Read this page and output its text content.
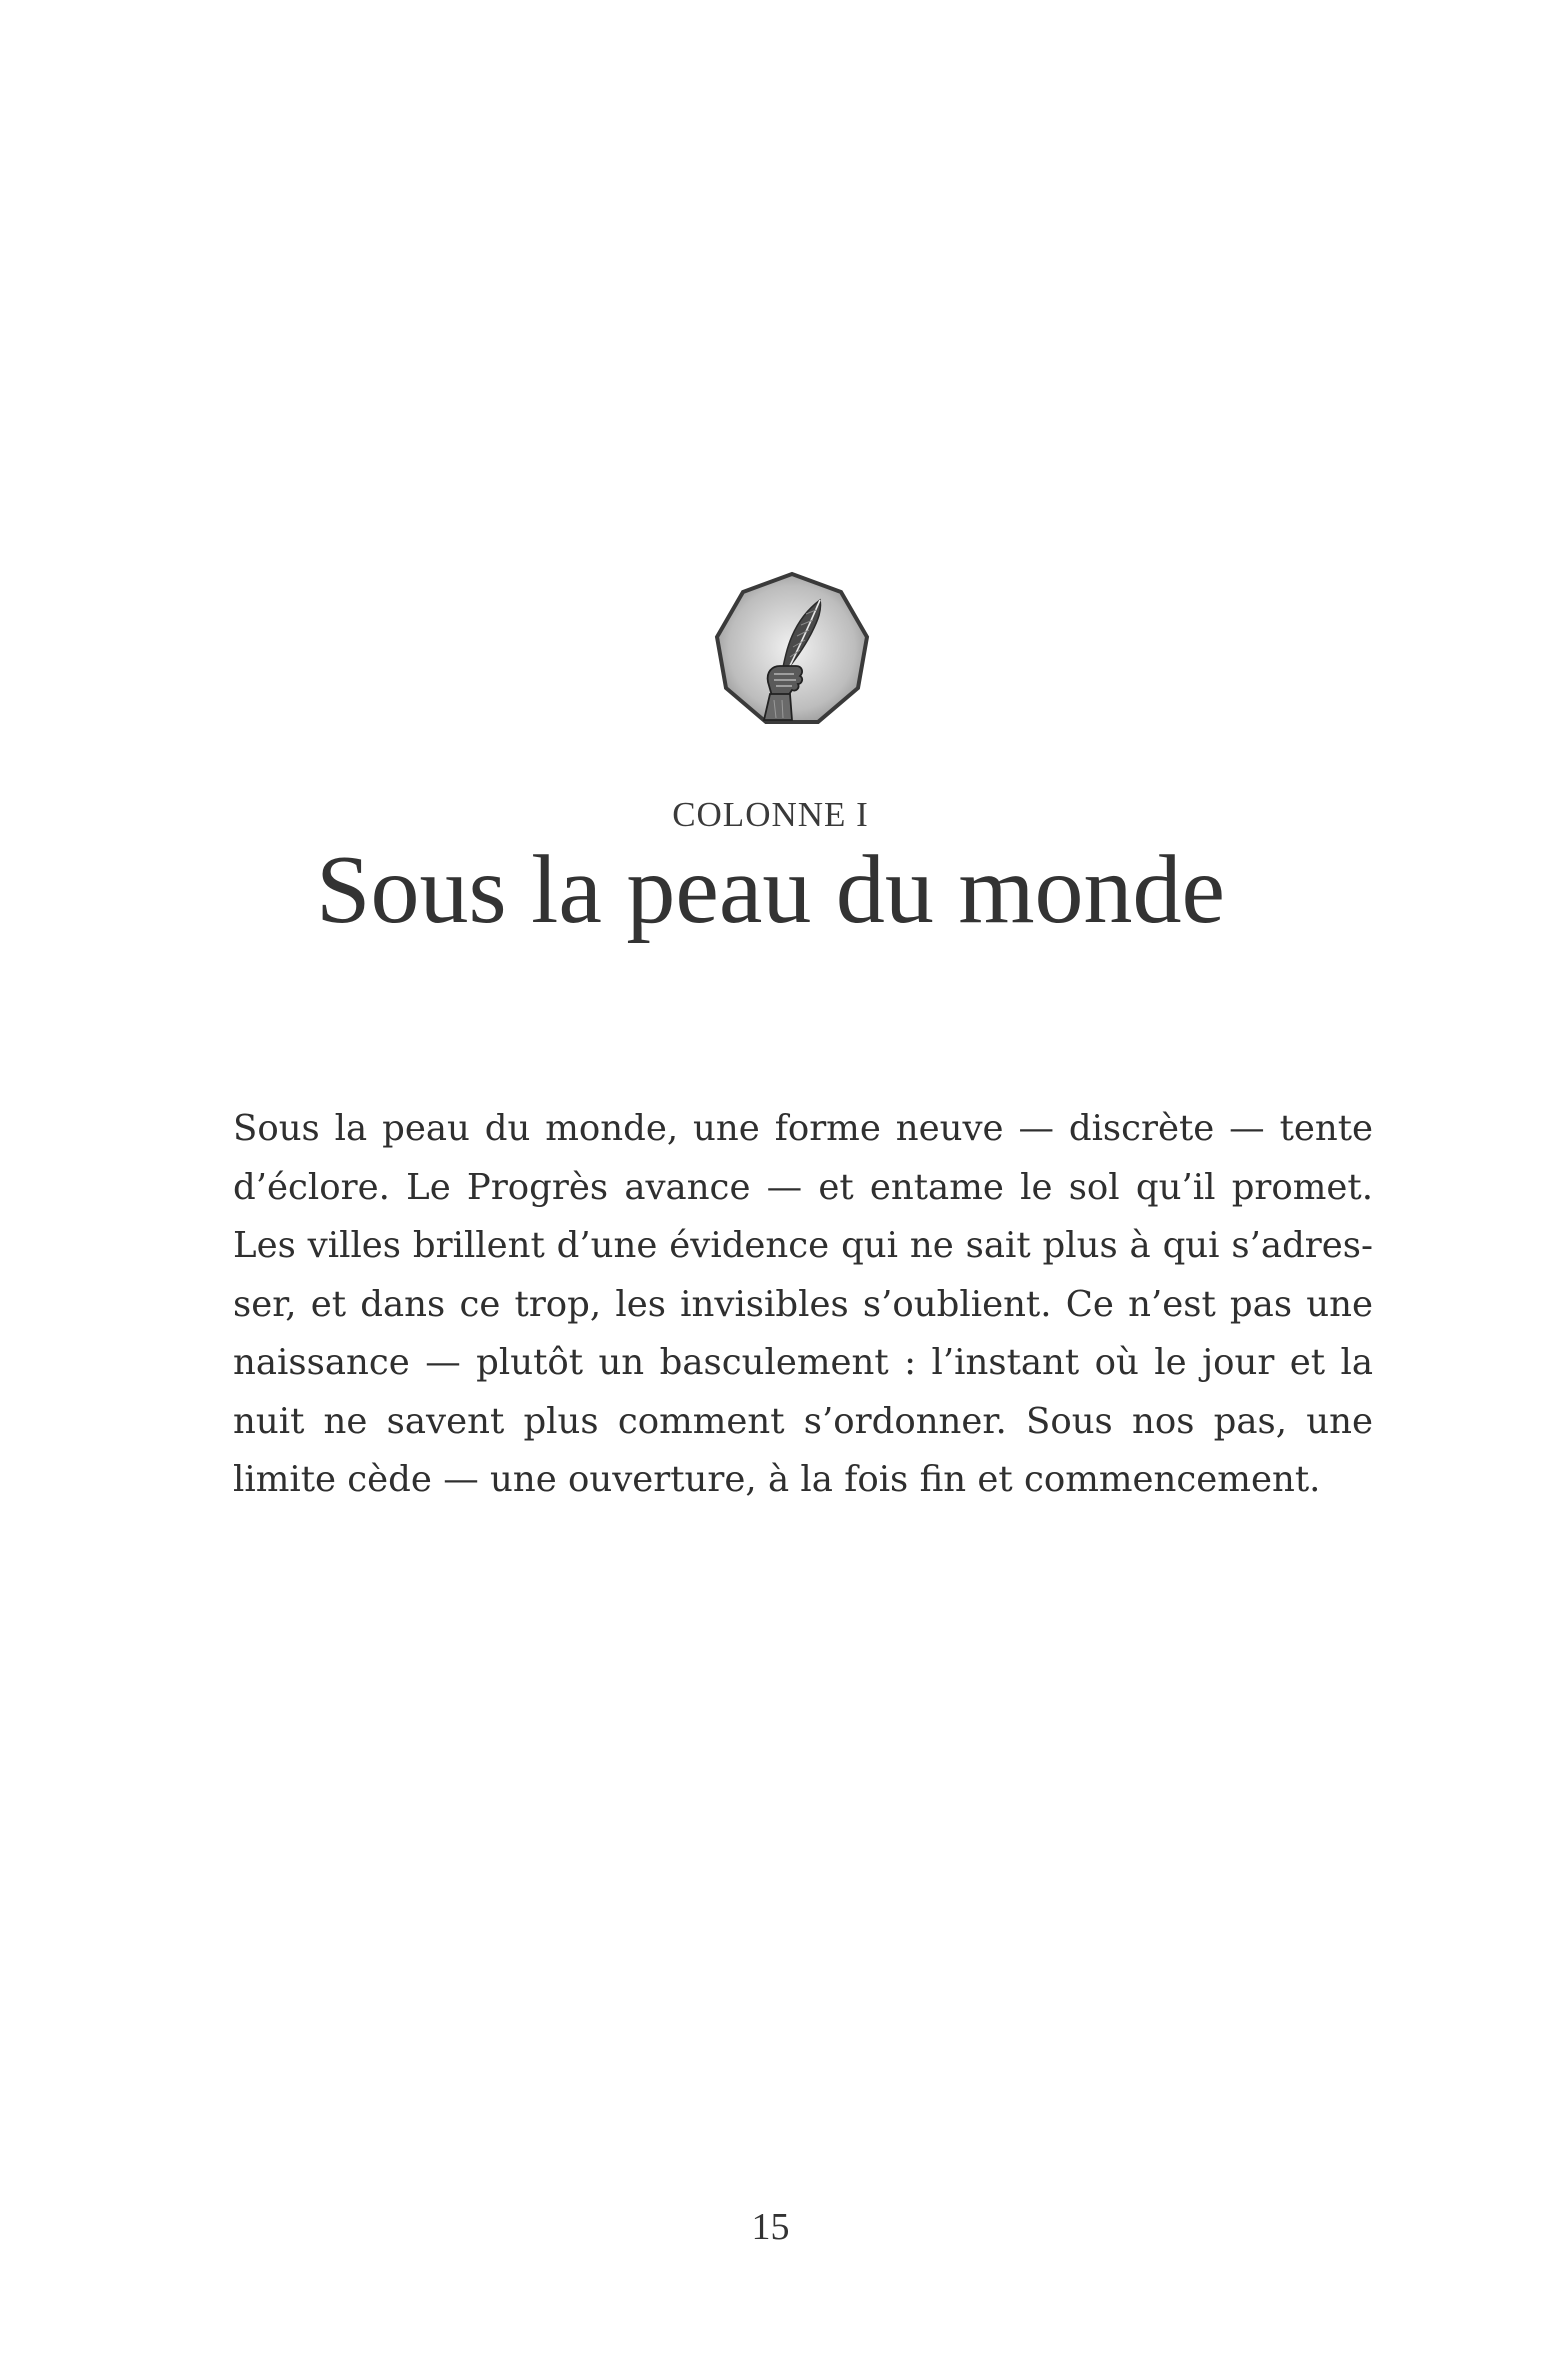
COLONNE I
Sous la peau du monde
Sous la peau du monde, une forme neuve — discrète — tente
d’éclore. Le Progrès avance — et entame le sol qu’il promet.
Les villes brillent d’une évidence qui ne sait plus à qui s’adres-
ser, et dans ce trop, les invisibles s’oublient. Ce n’est pas une
naissance — plutôt un basculement : l’instant où le jour et la
nuit ne savent plus comment s’ordonner. Sous nos pas, une
limite cède — une ouverture, à la fois fin et commencement.
15
